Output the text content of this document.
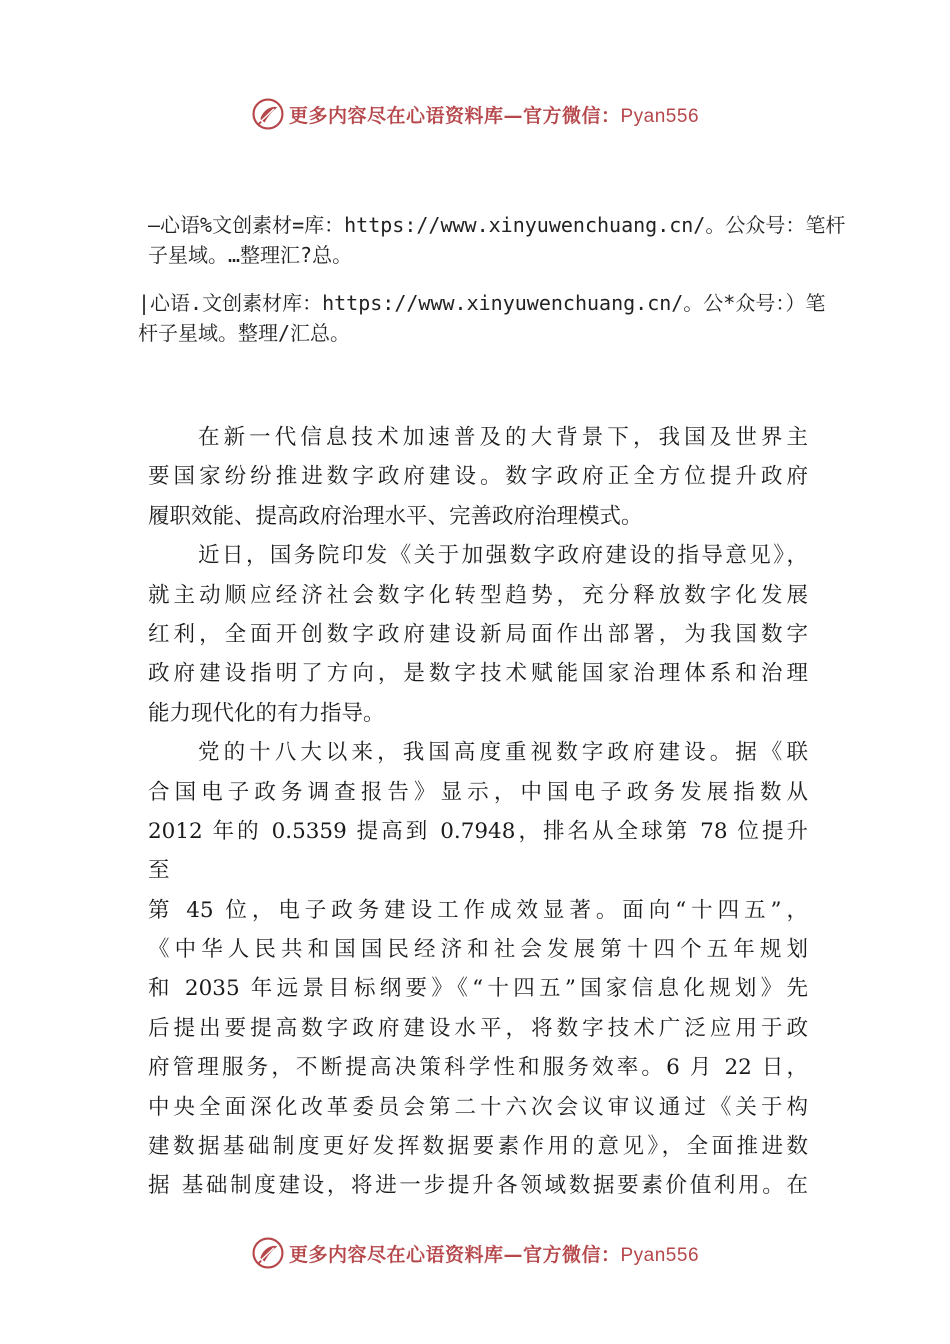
更多内容尽在心语资料库—官方微信：Pyan556

—心语%文创素材=库：https://www.xinyuwenchuang.cn/。公众号：笔杆子星域。…整理汇?总。

|心语.文创素材库：https://www.xinyuwenchuang.cn/。公*众号：）笔杆子星域。整理/汇总。

在新一代信息技术加速普及的大背景下，我国及世界主
要国家纷纷推进数字政府建设。数字政府正全方位提升政府
履职效能、提高政府治理水平、完善政府治理模式。
近日，国务院印发《关于加强数字政府建设的指导意见》，
就主动顺应经济社会数字化转型趋势，充分释放数字化发展
红利，全面开创数字政府建设新局面作出部署，为我国数字
政府建设指明了方向，是数字技术赋能国家治理体系和治理
能力现代化的有力指导。
党的十八大以来，我国高度重视数字政府建设。据《联
合国电子政务调查报告》显示，中国电子政务发展指数从
2012 年的 0.5359 提高到 0.7948，排名从全球第 78 位提升
至
第 45 位，电子政务建设工作成效显著。面向“十四五”，
《中华人民共和国国民经济和社会发展第十四个五年规划
和 2035 年远景目标纲要》《“十四五”国家信息化规划》先
后提出要提高数字政府建设水平，将数字技术广泛应用于政
府管理服务，不断提高决策科学性和服务效率。6 月 22 日，
中央全面深化改革委员会第二十六次会议审议通过《关于构
建数据基础制度更好发挥数据要素作用的意见》，全面推进数
据 基础制度建设，将进一步提升各领域数据要素价值利用。在
更多内容尽在心语资料库—官方微信：Pyan556
